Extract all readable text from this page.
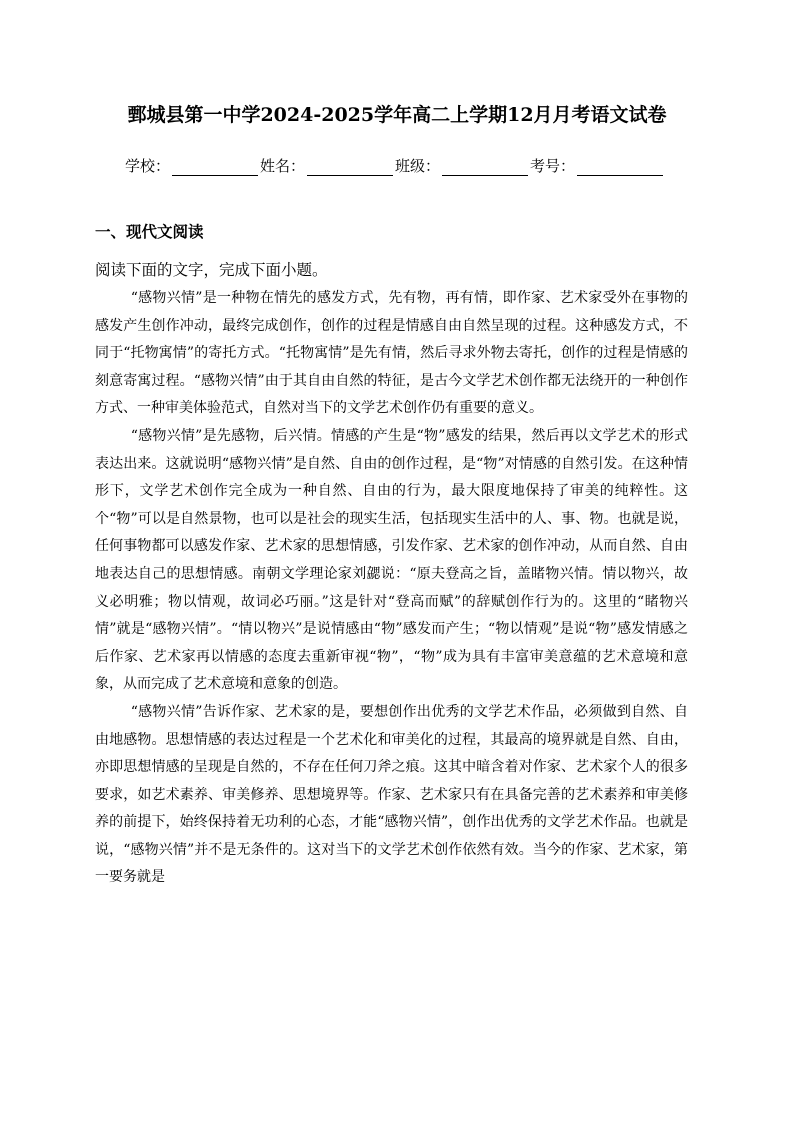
鄄城县第一中学2024-2025学年高二上学期12月月考语文试卷
学校：	姓名：	班级：	考号：
一、现代文阅读
阅读下面的文字，完成下面小题。

“感物兴情”是一种物在情先的感发方式，先有物，再有情，即作家、艺术家受外在事物的感发产生创作冲动，最终完成创作，创作的过程是情感自由自然呈现的过程。这种感发方式，不同于“托物寓情”的寄托方式。“托物寓情”是先有情，然后寻求外物去寄托，创作的过程是情感的刻意寄寓过程。“感物兴情”由于其自由自然的特征，是古今文学艺术创作都无法绕开的一种创作方式、一种审美体验范式，自然对当下的文学艺术创作仍有重要的意义。

“感物兴情”是先感物，后兴情。情感的产生是“物”感发的结果，然后再以文学艺术的形式表达出来。这就说明“感物兴情”是自然、自由的创作过程，是“物”对情感的自然引发。在这种情形下，文学艺术创作完全成为一种自然、自由的行为，最大限度地保持了审美的纯粹性。这个“物”可以是自然景物，也可以是社会的现实生活，包括现实生活中的人、事、物。也就是说，任何事物都可以感发作家、艺术家的思想情感，引发作家、艺术家的创作冲动，从而自然、自由地表达自己的思想情感。南朝文学理论家刘勰说：“原夫登高之旨，盖睹物兴情。情以物兴，故义必明雅；物以情观，故词必巧丽。”这是针对“登高而赋”的辞赋创作行为的。这里的“睹物兴情”就是“感物兴情”。“情以物兴”是说情感由“物”感发而产生；“物以情观”是说“物”感发情感之后作家、艺术家再以情感的态度去重新审视“物”，“物”成为具有丰富审美意蕴的艺术意境和意象，从而完成了艺术意境和意象的创造。

“感物兴情”告诉作家、艺术家的是，要想创作出优秀的文学艺术作品，必须做到自然、自由地感物。思想情感的表达过程是一个艺术化和审美化的过程，其最高的境界就是自然、自由，亦即思想情感的呈现是自然的，不存在任何刀斧之痕。这其中暗含着对作家、艺术家个人的很多要求，如艺术素养、审美修养、思想境界等。作家、艺术家只有在具备完善的艺术素养和审美修养的前提下，始终保持着无功利的心态，才能“感物兴情”，创作出优秀的文学艺术作品。也就是说，“感物兴情”并不是无条件的。这对当下的文学艺术创作依然有效。当今的作家、艺术家，第一要务就是
